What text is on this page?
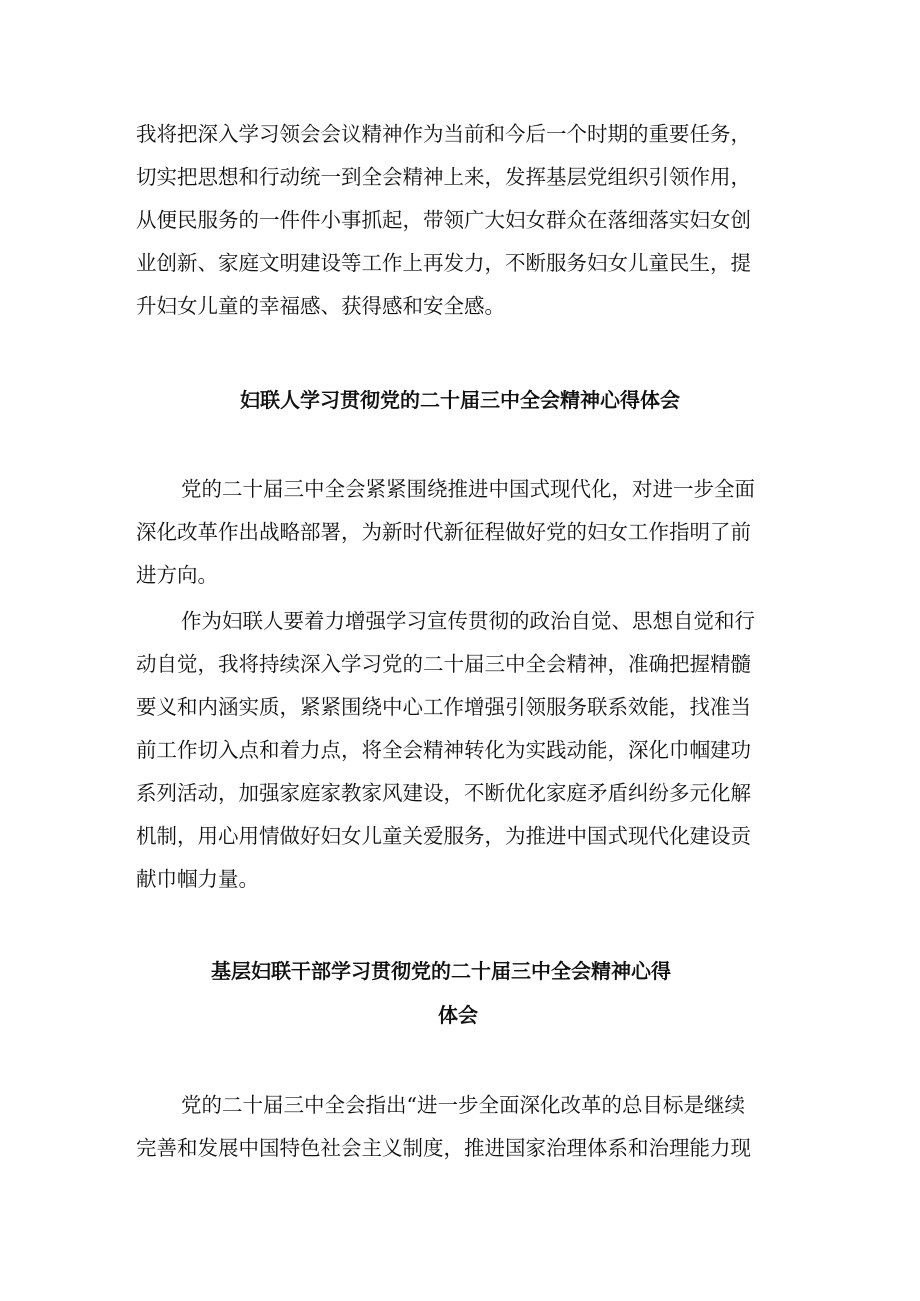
我将把深入学习领会会议精神作为当前和今后一个时期的重要任务，
切实把思想和行动统一到全会精神上来，发挥基层党组织引领作用，
从便民服务的一件件小事抓起，带领广大妇女群众在落细落实妇女创
业创新、家庭文明建设等工作上再发力，不断服务妇女儿童民生，提
升妇女儿童的幸福感、获得感和安全感。
妇联人学习贯彻党的二十届三中全会精神心得体会
党的二十届三中全会紧紧围绕推进中国式现代化，对进一步全面
深化改革作出战略部署，为新时代新征程做好党的妇女工作指明了前
进方向。
作为妇联人要着力增强学习宣传贯彻的政治自觉、思想自觉和行
动自觉，我将持续深入学习党的二十届三中全会精神，准确把握精髓
要义和内涵实质，紧紧围绕中心工作增强引领服务联系效能，找准当
前工作切入点和着力点，将全会精神转化为实践动能，深化巾帼建功
系列活动，加强家庭家教家风建设，不断优化家庭矛盾纠纷多元化解
机制，用心用情做好妇女儿童关爱服务，为推进中国式现代化建设贡
献巾帼力量。
基层妇联干部学习贯彻党的二十届三中全会精神心得
体会
党的二十届三中全会指出“进一步全面深化改革的总目标是继续
完善和发展中国特色社会主义制度，推进国家治理体系和治理能力现
